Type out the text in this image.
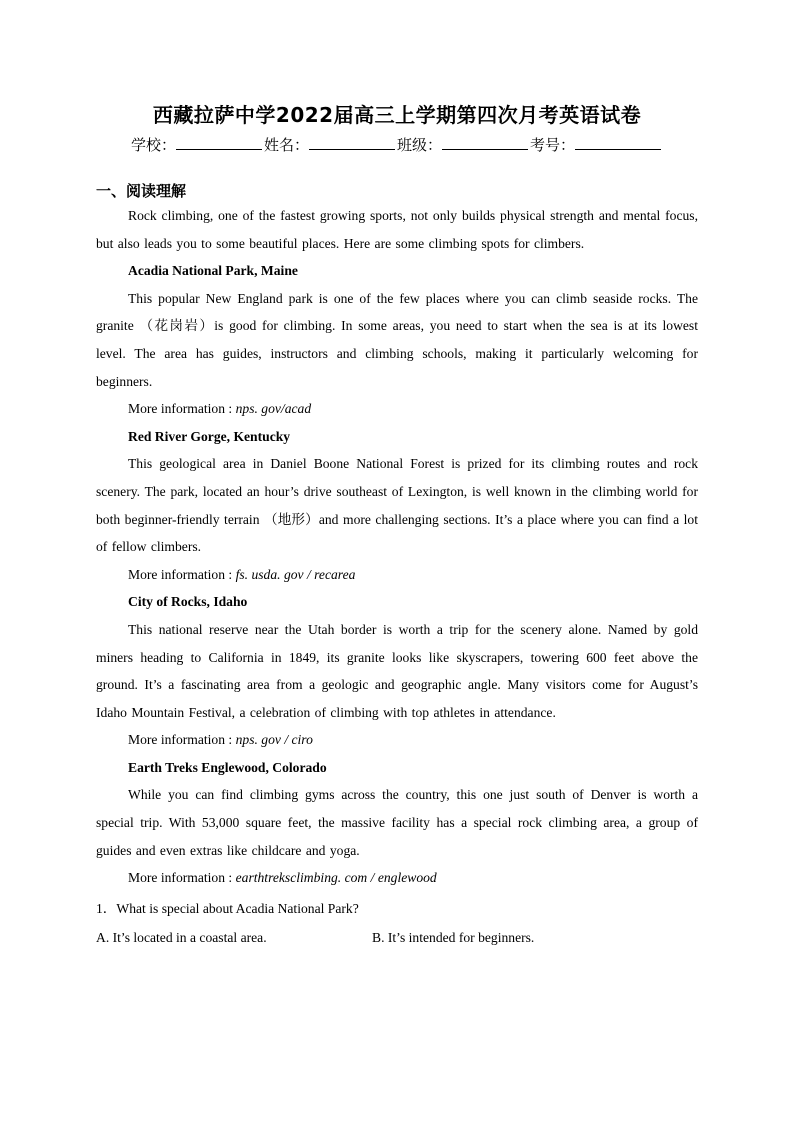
西藏拉萨中学2022届高三上学期第四次月考英语试卷
学校：	姓名：	班级：	考号：
一、阅读理解

Rock climbing, one of the fastest growing sports, not only builds physical strength and mental focus, but also leads you to some beautiful places. Here are some climbing spots for climbers.

Acadia National Park, Maine

This popular New England park is one of the few places where you can climb seaside rocks. The granite （花岗岩）is good for climbing. In some areas, you need to start when the sea is at its lowest level. The area has guides, instructors and climbing schools, making it particularly welcoming for beginners.

More information : nps. gov/acad
Red River Gorge, Kentucky

This geological area in Daniel Boone National Forest is prized for its climbing routes and rock scenery. The park, located an hour’s drive southeast of Lexington, is well known in the climbing world for both beginner-friendly terrain （地形）and more challenging sections. It’s a place where you can find a lot of fellow climbers.

More information : fs. usda. gov / recarea
City of Rocks, Idaho

This national reserve near the Utah border is worth a trip for the scenery alone. Named by gold miners heading to California in 1849, its granite looks like skyscrapers, towering 600 feet above the ground. It’s a fascinating area from a geologic and geographic angle. Many visitors come for August’s Idaho Mountain Festival, a celebration of climbing with top athletes in attendance.

More information : nps. gov / ciro
Earth Treks Englewood, Colorado

While you can find climbing gyms across the country, this one just south of Denver is worth a special trip. With 53,000 square feet, the massive facility has a special rock climbing area, a group of guides and even extras like childcare and yoga.

More information : earthtreksclimbing. com / englewood
1．What is special about Acadia National Park?
A. It’s located in a coastal area.	B. It’s intended for beginners.
